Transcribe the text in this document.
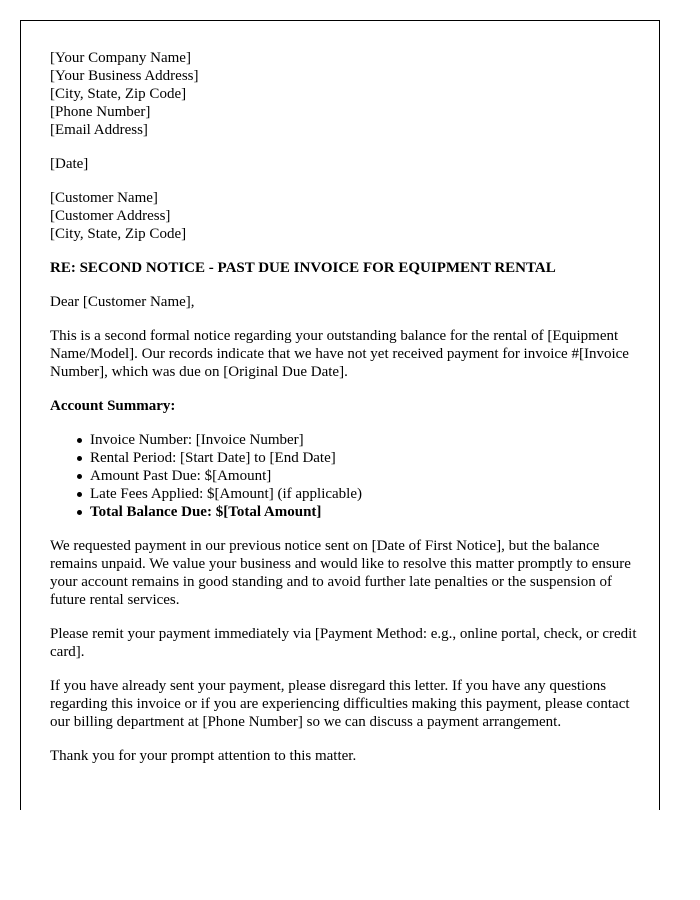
[Your Company Name]
[Your Business Address]
[City, State, Zip Code]
[Phone Number]
[Email Address]
[Date]
[Customer Name]
[Customer Address]
[City, State, Zip Code]
RE: SECOND NOTICE - PAST DUE INVOICE FOR EQUIPMENT RENTAL
Dear [Customer Name],
This is a second formal notice regarding your outstanding balance for the rental of [Equipment Name/Model]. Our records indicate that we have not yet received payment for invoice #[Invoice Number], which was due on [Original Due Date].
Account Summary:
Invoice Number: [Invoice Number]
Rental Period: [Start Date] to [End Date]
Amount Past Due: $[Amount]
Late Fees Applied: $[Amount] (if applicable)
Total Balance Due: $[Total Amount]
We requested payment in our previous notice sent on [Date of First Notice], but the balance remains unpaid. We value your business and would like to resolve this matter promptly to ensure your account remains in good standing and to avoid further late penalties or the suspension of future rental services.
Please remit your payment immediately via [Payment Method: e.g., online portal, check, or credit card].
If you have already sent your payment, please disregard this letter. If you have any questions regarding this invoice or if you are experiencing difficulties making this payment, please contact our billing department at [Phone Number] so we can discuss a payment arrangement.
Thank you for your prompt attention to this matter.
